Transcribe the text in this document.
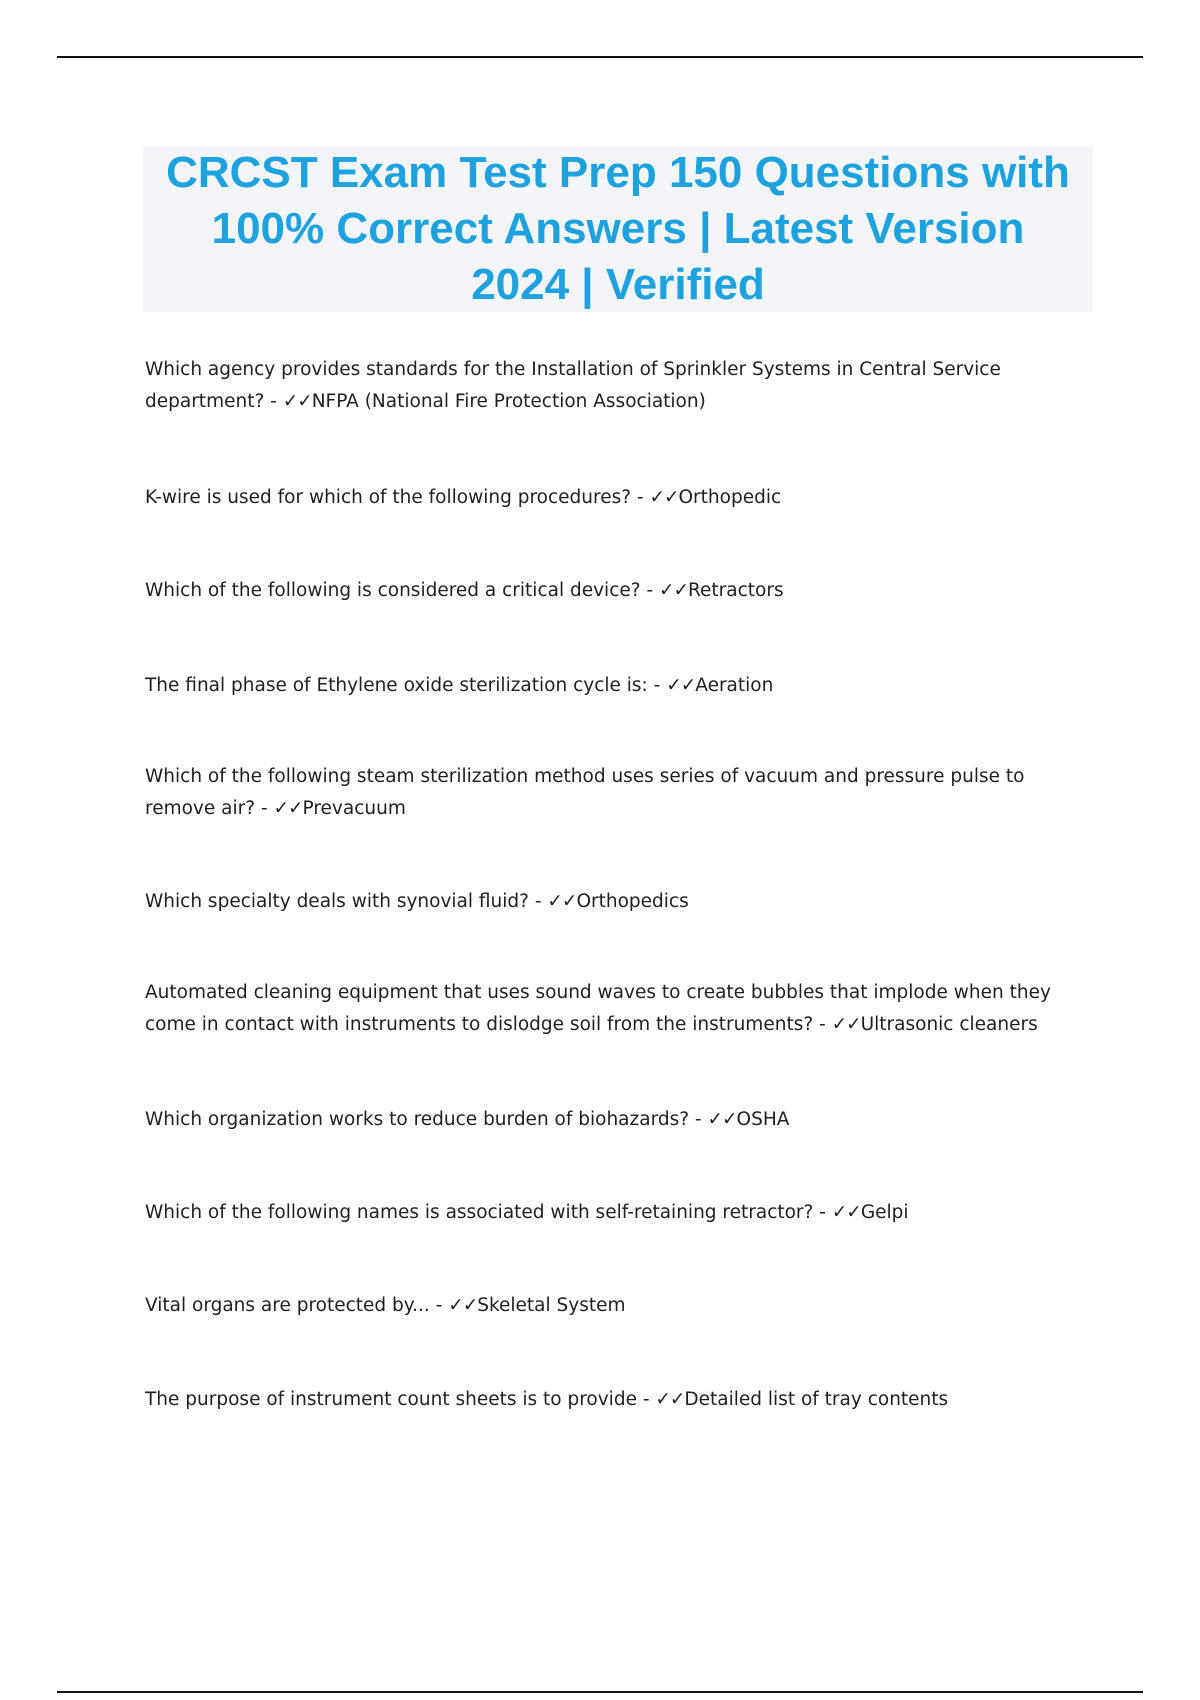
CRCST Exam Test Prep 150 Questions with 100% Correct Answers | Latest Version 2024 | Verified

Which agency provides standards for the Installation of Sprinkler Systems in Central Service department? - ✓✓NFPA (National Fire Protection Association)

K-wire is used for which of the following procedures? - ✓✓Orthopedic

Which of the following is considered a critical device? - ✓✓Retractors

The final phase of Ethylene oxide sterilization cycle is: - ✓✓Aeration

Which of the following steam sterilization method uses series of vacuum and pressure pulse to remove air? - ✓✓Prevacuum

Which specialty deals with synovial fluid? - ✓✓Orthopedics

Automated cleaning equipment that uses sound waves to create bubbles that implode when they come in contact with instruments to dislodge soil from the instruments? - ✓✓Ultrasonic cleaners

Which organization works to reduce burden of biohazards? - ✓✓OSHA

Which of the following names is associated with self-retaining retractor? - ✓✓Gelpi

Vital organs are protected by... - ✓✓Skeletal System

The purpose of instrument count sheets is to provide - ✓✓Detailed list of tray contents
